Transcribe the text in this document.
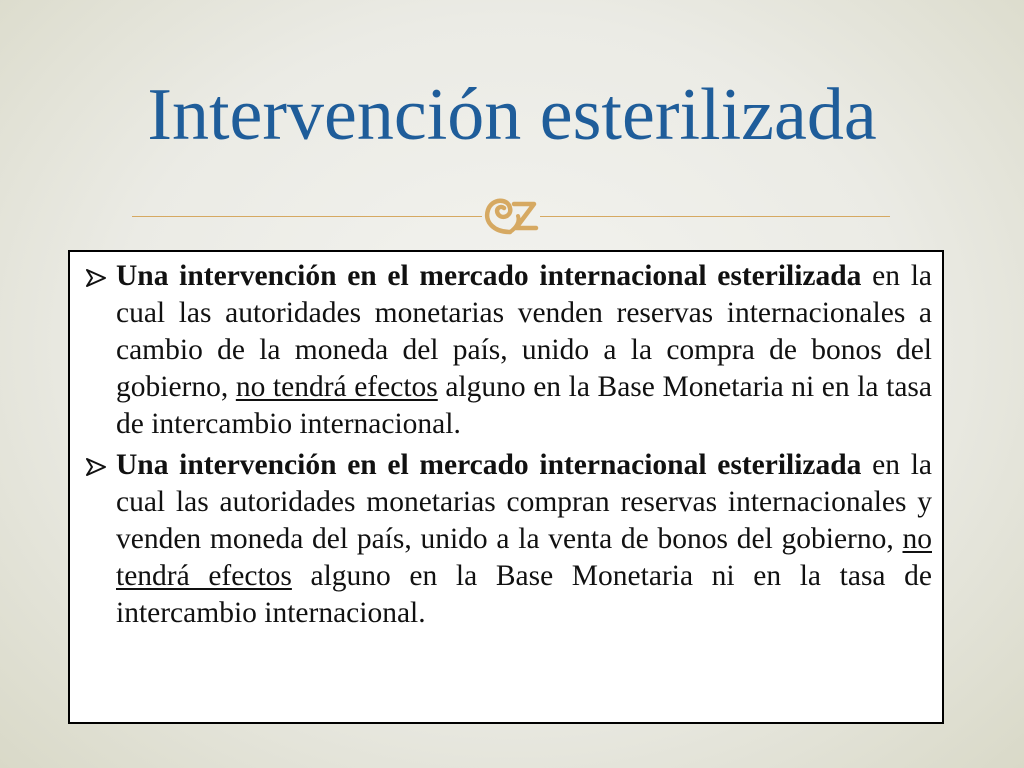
Intervención esterilizada

Una intervención en el mercado internacional esterilizada en la cual las autoridades monetarias venden reservas internacionales a cambio de la moneda del país, unido a la compra de bonos del gobierno, no tendrá efectos alguno en la Base Monetaria ni en la tasa de intercambio internacional.

Una intervención en el mercado internacional esterilizada en la cual las autoridades monetarias compran reservas internacionales y venden moneda del país, unido a la venta de bonos del gobierno, no tendrá efectos alguno en la Base Monetaria ni en la tasa de intercambio internacional.
